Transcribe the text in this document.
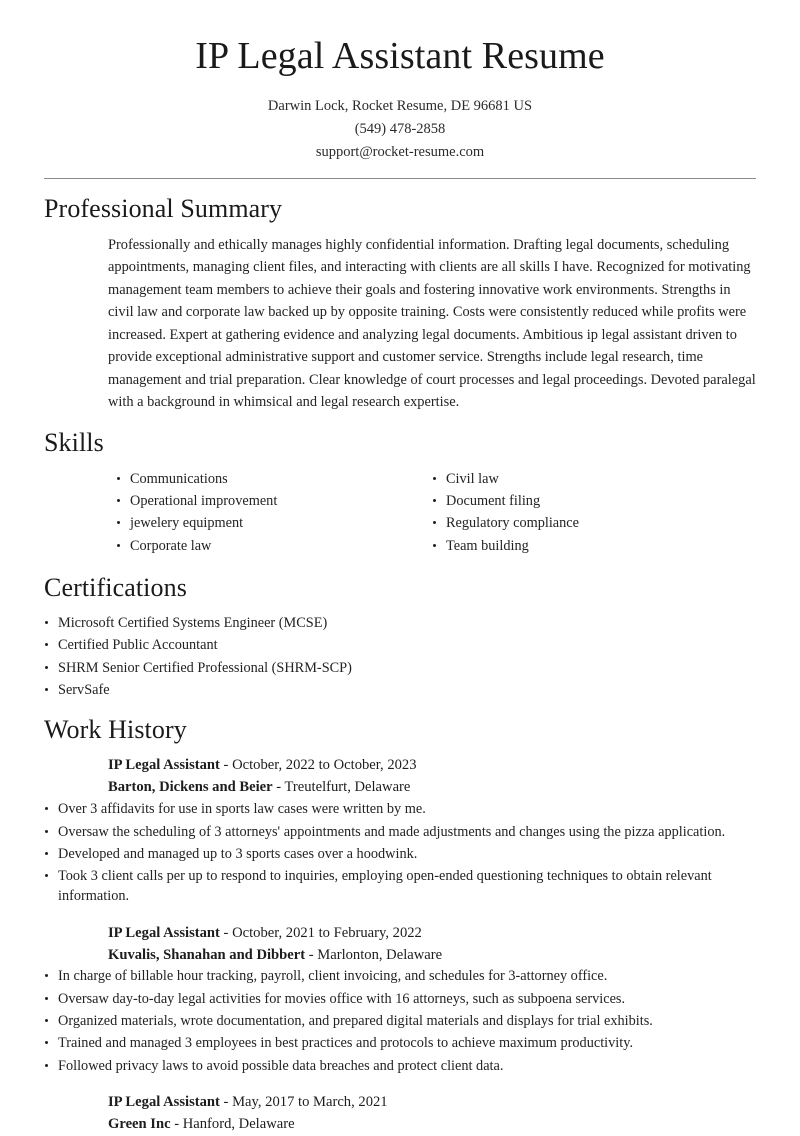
IP Legal Assistant Resume
Darwin Lock, Rocket Resume, DE 96681 US
(549) 478-2858
support@rocket-resume.com
Professional Summary

Professionally and ethically manages highly confidential information. Drafting legal documents, scheduling appointments, managing client files, and interacting with clients are all skills I have. Recognized for motivating management team members to achieve their goals and fostering innovative work environments. Strengths in civil law and corporate law backed up by opposite training. Costs were consistently reduced while profits were increased. Expert at gathering evidence and analyzing legal documents. Ambitious ip legal assistant driven to provide exceptional administrative support and customer service. Strengths include legal research, time management and trial preparation. Clear knowledge of court processes and legal proceedings. Devoted paralegal with a background in whimsical and legal research expertise.

Skills
Communications
Operational improvement
jewelery equipment
Corporate law
Civil law
Document filing
Regulatory compliance
Team building
Certifications
Microsoft Certified Systems Engineer (MCSE)
Certified Public Accountant
SHRM Senior Certified Professional (SHRM-SCP)
ServSafe
Work History
IP Legal Assistant - October, 2022 to October, 2023
Barton, Dickens and Beier - Treutelfurt, Delaware
Over 3 affidavits for use in sports law cases were written by me.
Oversaw the scheduling of 3 attorneys' appointments and made adjustments and changes using the pizza application.
Developed and managed up to 3 sports cases over a hoodwink.
Took 3 client calls per up to respond to inquiries, employing open-ended questioning techniques to obtain relevant information.
IP Legal Assistant - October, 2021 to February, 2022
Kuvalis, Shanahan and Dibbert - Marlonton, Delaware
In charge of billable hour tracking, payroll, client invoicing, and schedules for 3-attorney office.
Oversaw day-to-day legal activities for movies office with 16 attorneys, such as subpoena services.
Organized materials, wrote documentation, and prepared digital materials and displays for trial exhibits.
Trained and managed 3 employees in best practices and protocols to achieve maximum productivity.
Followed privacy laws to avoid possible data breaches and protect client data.
IP Legal Assistant - May, 2017 to March, 2021
Green Inc - Hanford, Delaware
